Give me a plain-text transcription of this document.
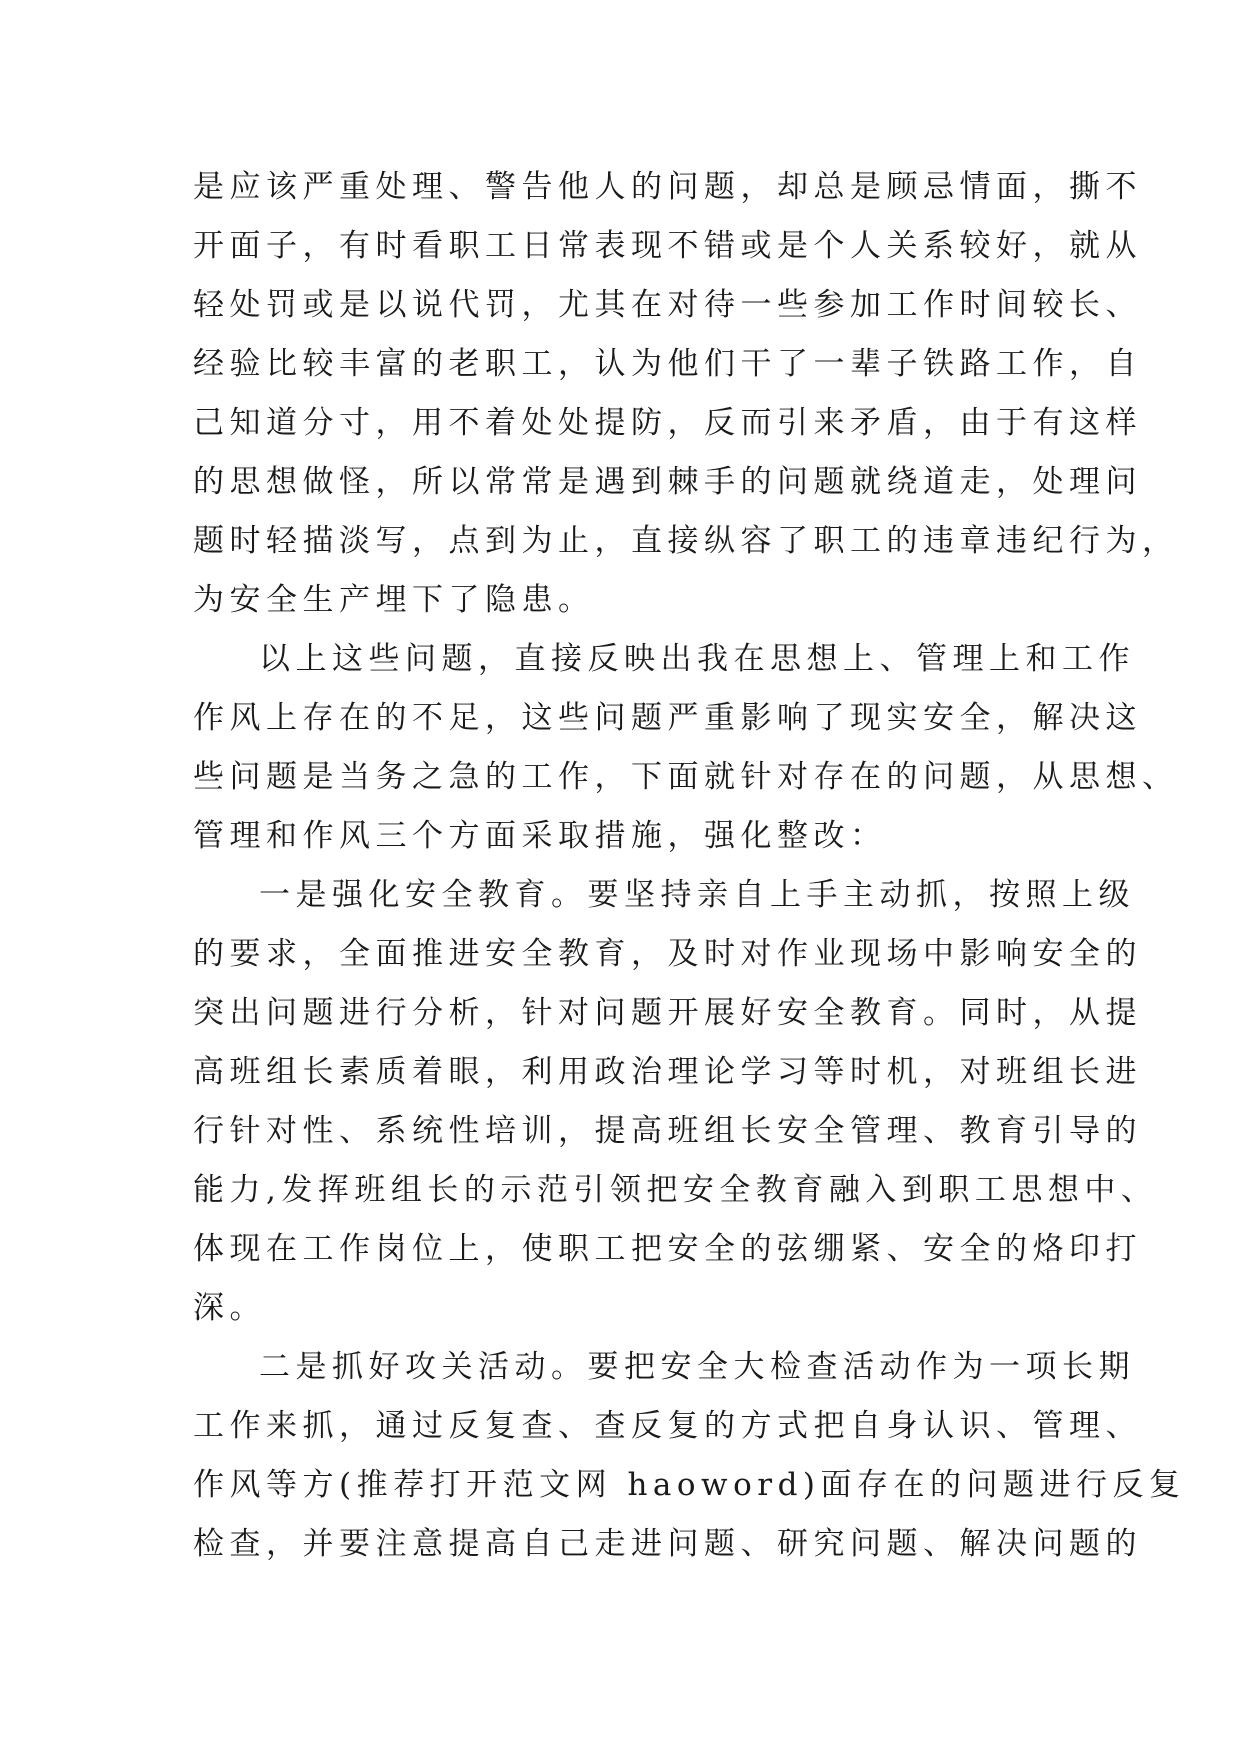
是应该严重处理、警告他人的问题，却总是顾忌情面，撕不
开面子，有时看职工日常表现不错或是个人关系较好，就从
轻处罚或是以说代罚，尤其在对待一些参加工作时间较长、
经验比较丰富的老职工，认为他们干了一辈子铁路工作，自
己知道分寸，用不着处处提防，反而引来矛盾，由于有这样
的思想做怪，所以常常是遇到棘手的问题就绕道走，处理问
题时轻描淡写，点到为止，直接纵容了职工的违章违纪行为，
为安全生产埋下了隐患。
以上这些问题，直接反映出我在思想上、管理上和工作
作风上存在的不足，这些问题严重影响了现实安全，解决这
些问题是当务之急的工作，下面就针对存在的问题，从思想、
管理和作风三个方面采取措施，强化整改：
一是强化安全教育。要坚持亲自上手主动抓，按照上级
的要求，全面推进安全教育，及时对作业现场中影响安全的
突出问题进行分析，针对问题开展好安全教育。同时，从提
高班组长素质着眼，利用政治理论学习等时机，对班组长进
行针对性、系统性培训，提高班组长安全管理、教育引导的
能力,发挥班组长的示范引领把安全教育融入到职工思想中、
体现在工作岗位上，使职工把安全的弦绷紧、安全的烙印打
深。
二是抓好攻关活动。要把安全大检查活动作为一项长期
工作来抓，通过反复查、查反复的方式把自身认识、管理、
作风等方(推荐打开范文网 haoword)面存在的问题进行反复
检查，并要注意提高自己走进问题、研究问题、解决问题的
